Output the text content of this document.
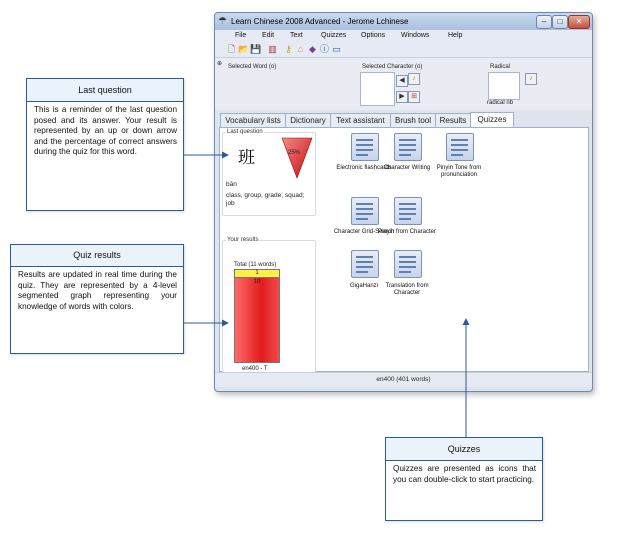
☂ Learn Chinese 2008 Advanced - Jerome Lchinese	–	□	✕
File Edit Text	Quizzes Options Windows	Help
🗋 📂 💾 ▥ ⚷ ⌂ ◆ ⓘ ▭
⊕ Selected Word (o)	Selected Character (o)
◀	♪
▶ ⊞
Radical
♪
radical nb
Vocabulary lists	Dictionary	Text assistant	Brush tool	Results	Quizzes
Last question
班	25%
bān
class, group, grade; squad; job
Your results
Total (11 words)
1
10
en400 - T
Electronic flashcards
Character Writing	Pinyin Tone from pronunciation
Character Grid-Search
Pinyin from Character
GigaHanzi	Translation from Character
en400 (401 words)
Last question
This is a reminder of the last question posed and its answer. Your result is represented by an up or down arrow and the percentage of correct answers during the quiz for this word.
Quiz results
Results are updated in real time during the quiz. They are represented by a 4-level segmented graph representing your knowledge of words with colors.
Quizzes
Quizzes are presented as icons that you can double-click to start practicing.
